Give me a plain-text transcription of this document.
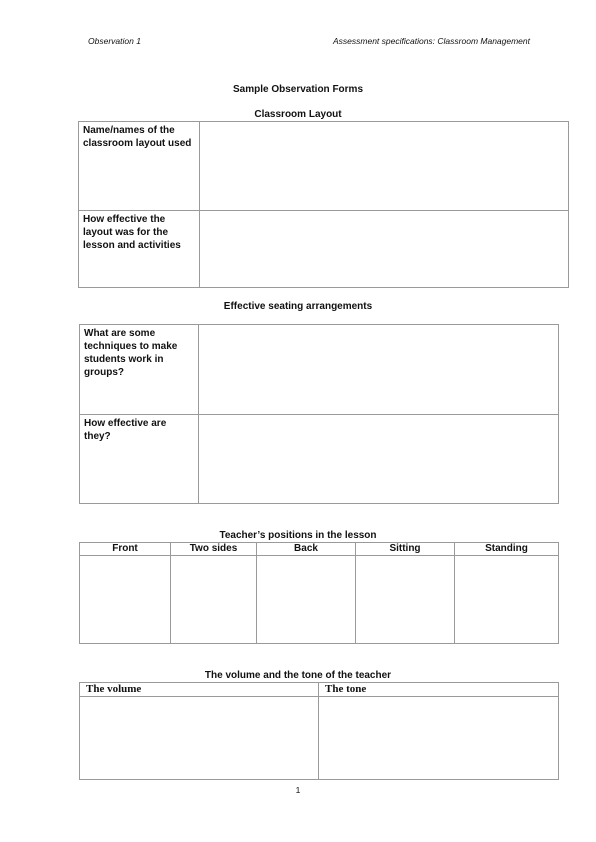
Observation 1	Assessment specifications: Classroom Management
Sample Observation Forms
Classroom Layout
Name/names of the classroom layout used	
How effective the layout was for the lesson and activities	
Effective seating arrangements
What are some techniques to make students work in groups?	
How effective are they?	
Teacher’s positions in the lesson
Front	Two sides	Back	Sitting	Standing

The volume and the tone of the teacher
The volume	The tone

1
